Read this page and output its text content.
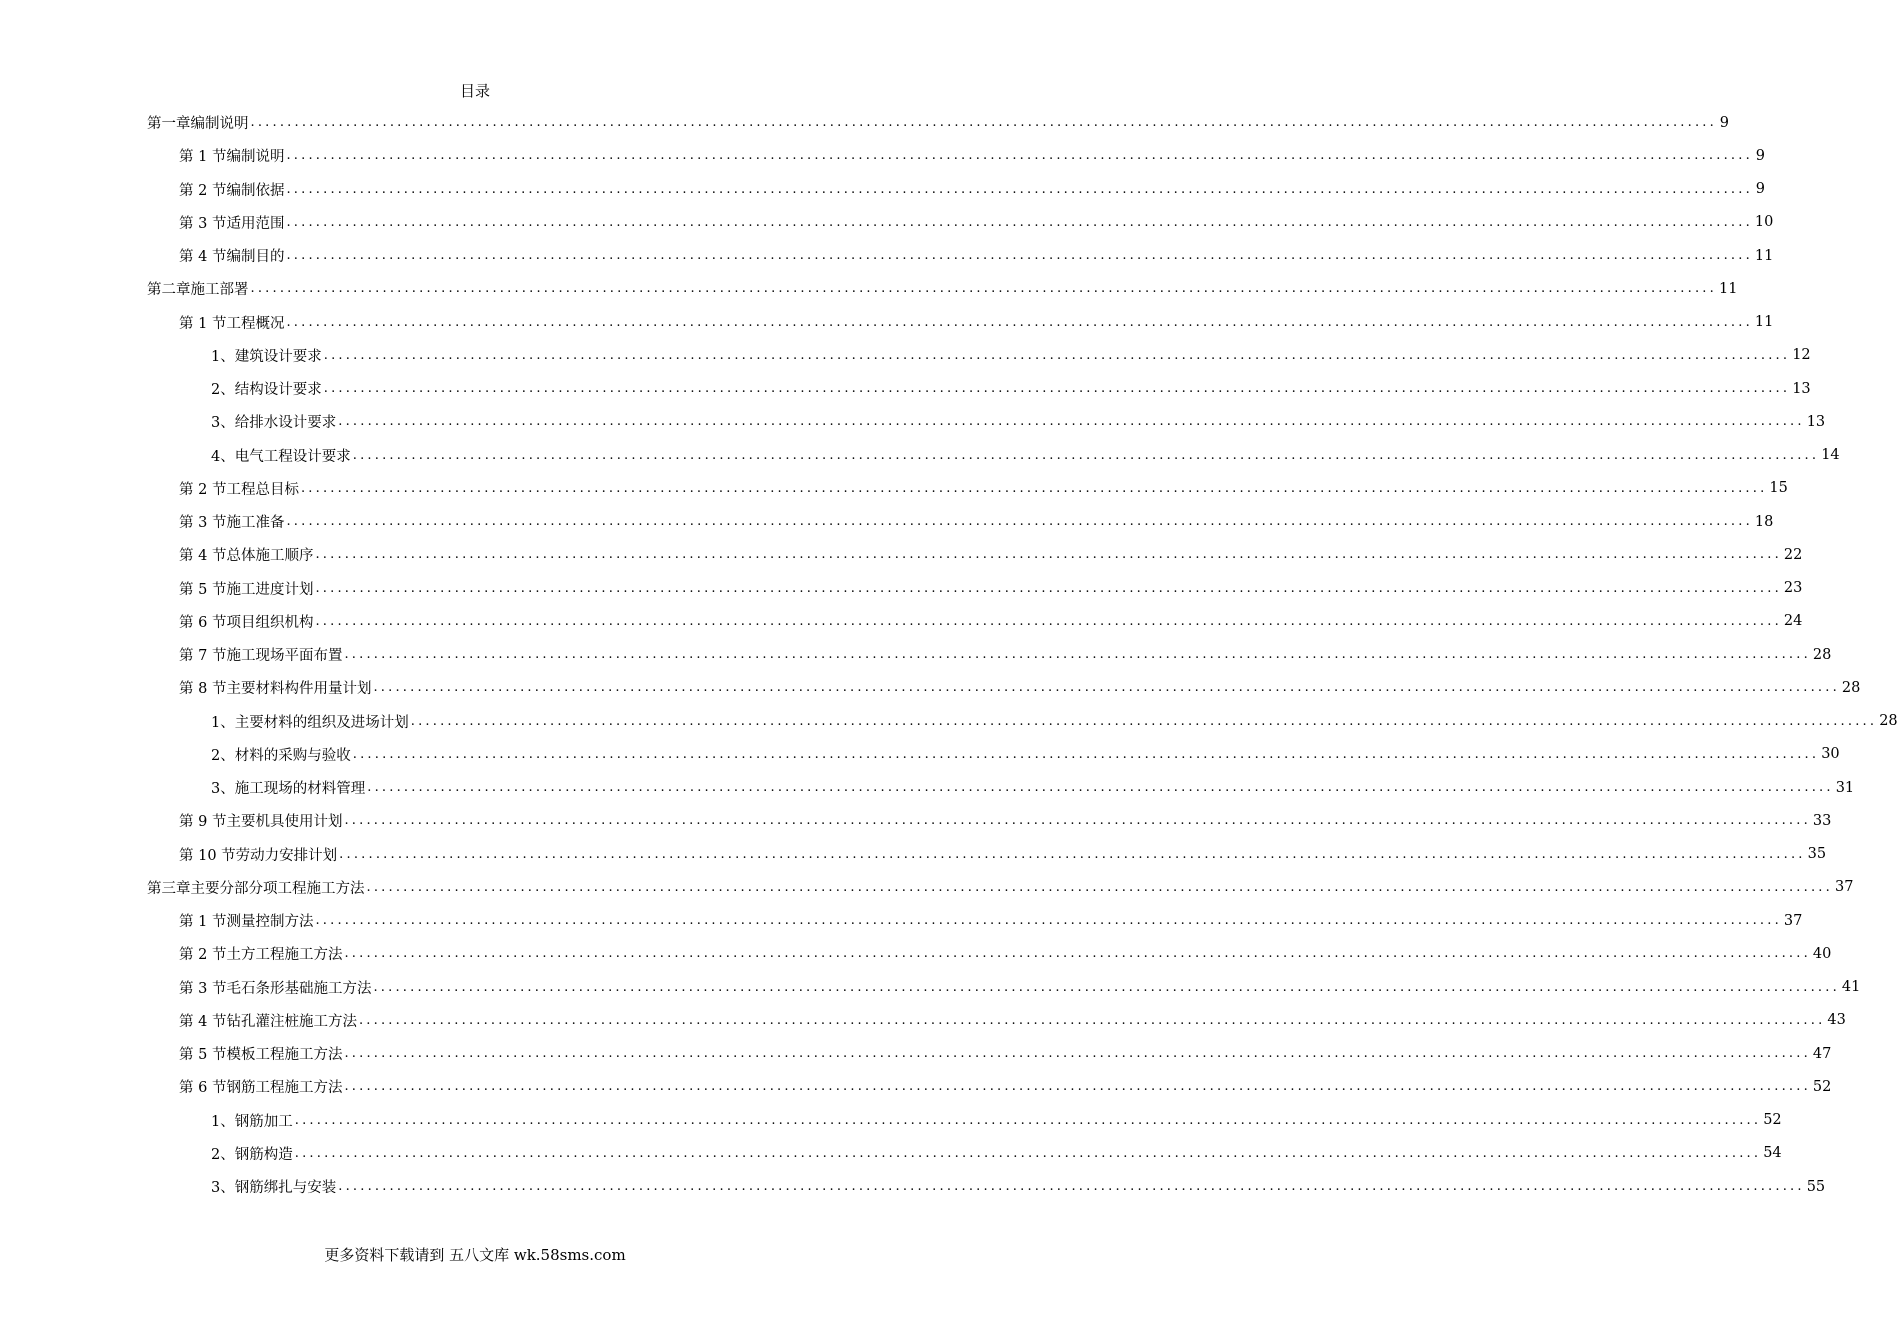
目录
第一章 编制说明 ........................................................................................................................................................................................................ 9
第 1 节 编制说明 ........................................................................................................................................................................................................ 9
第 2 节 编制依据 ........................................................................................................................................................................................................ 9
第 3 节 适用范围 ........................................................................................................................................................................................................ 10
第 4 节 编制目的 ........................................................................................................................................................................................................ 11
第二章 施工部署 ........................................................................................................................................................................................................ 11
第 1 节 工程概况 ........................................................................................................................................................................................................ 11
1、 建筑设计要求 ........................................................................................................................................................................................................ 12
2、 结构设计要求 ........................................................................................................................................................................................................ 13
3、 给排水设计要求 ........................................................................................................................................................................................................ 13
4、 电气工程设计要求 ........................................................................................................................................................................................................ 14
第 2 节 工程总目标 ........................................................................................................................................................................................................ 15
第 3 节 施工准备 ........................................................................................................................................................................................................ 18
第 4 节 总体施工顺序 ........................................................................................................................................................................................................ 22
第 5 节 施工进度计划 ........................................................................................................................................................................................................ 23
第 6 节 项目组织机构 ........................................................................................................................................................................................................ 24
第 7 节 施工现场平面布置 ........................................................................................................................................................................................................ 28
第 8 节 主要材料构件用量计划 ........................................................................................................................................................................................................ 28
1、 主要材料的组织及进场计划 ........................................................................................................................................................................................................ 28
2、 材料的采购与验收 ........................................................................................................................................................................................................ 30
3、 施工现场的材料管理 ........................................................................................................................................................................................................ 31
第 9 节 主要机具使用计划 ........................................................................................................................................................................................................ 33
第 10 节 劳动力安排计划 ........................................................................................................................................................................................................ 35
第三章 主要分部分项工程施工方法 ........................................................................................................................................................................................................ 37
第 1 节 测量控制方法 ........................................................................................................................................................................................................ 37
第 2 节 土方工程施工方法 ........................................................................................................................................................................................................ 40
第 3 节 毛石条形基础施工方法 ........................................................................................................................................................................................................ 41
第 4 节 钻孔灌注桩施工方法 ........................................................................................................................................................................................................ 43
第 5 节 模板工程施工方法 ........................................................................................................................................................................................................ 47
第 6 节 钢筋工程施工方法 ........................................................................................................................................................................................................ 52
1、 钢筋加工 ........................................................................................................................................................................................................ 52
2、 钢筋构造 ........................................................................................................................................................................................................ 54
3、 钢筋绑扎与安装 ........................................................................................................................................................................................................ 55
更多资料下载请到 五八文库 wk.58sms.com
